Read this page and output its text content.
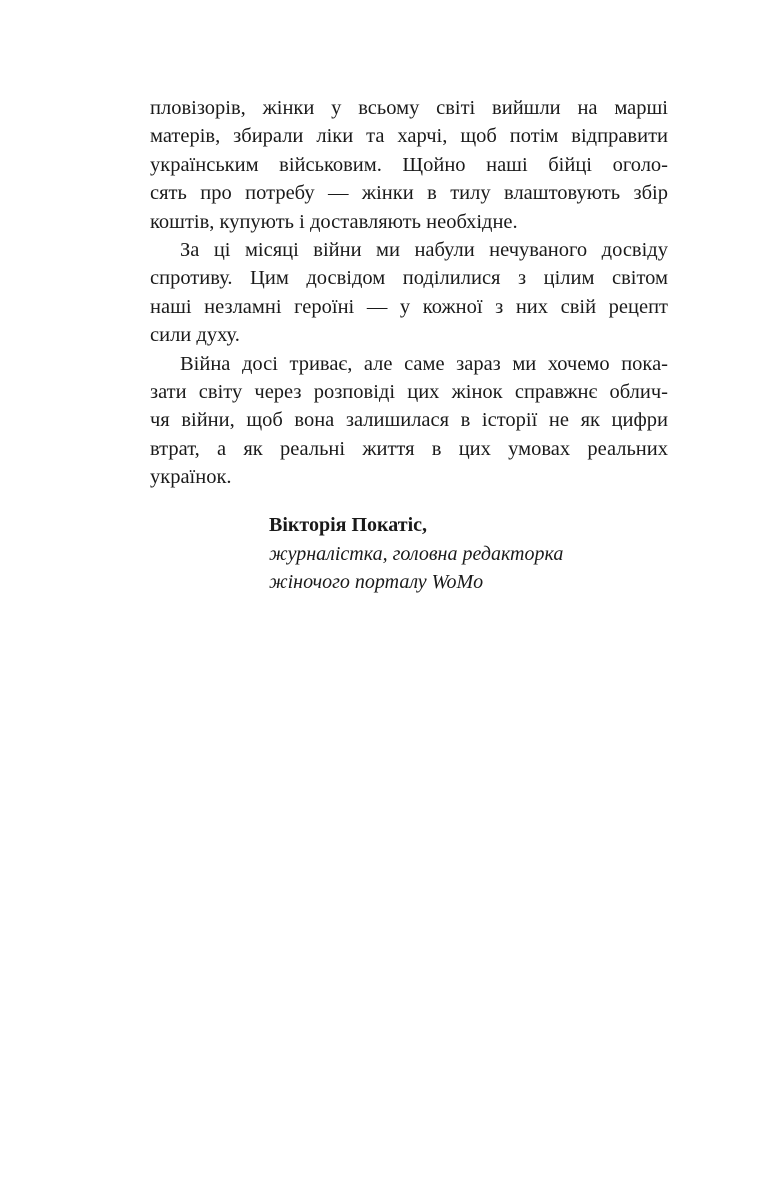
пловізорів, жінки у всьому світі вийшли на марші
матерів, збирали ліки та харчі, щоб потім відправити
українським військовим. Щойно наші бійці оголо-
сять про потребу — жінки в тилу влаштовують збір
коштів, купують і доставляють необхідне.
За ці місяці війни ми набули нечуваного досвіду
спротиву. Цим досвідом поділилися з цілим світом
наші незламні героїні — у кожної з них свій рецепт
сили духу.
Війна досі триває, але саме зараз ми хочемо пока-
зати світу через розповіді цих жінок справжнє облич-
чя війни, щоб вона залишилася в історії не як цифри
втрат, а як реальні життя в цих умовах реальних
українок.
Вікторія Покатіс,
журналістка, головна редакторка
жіночого порталу WoMo
